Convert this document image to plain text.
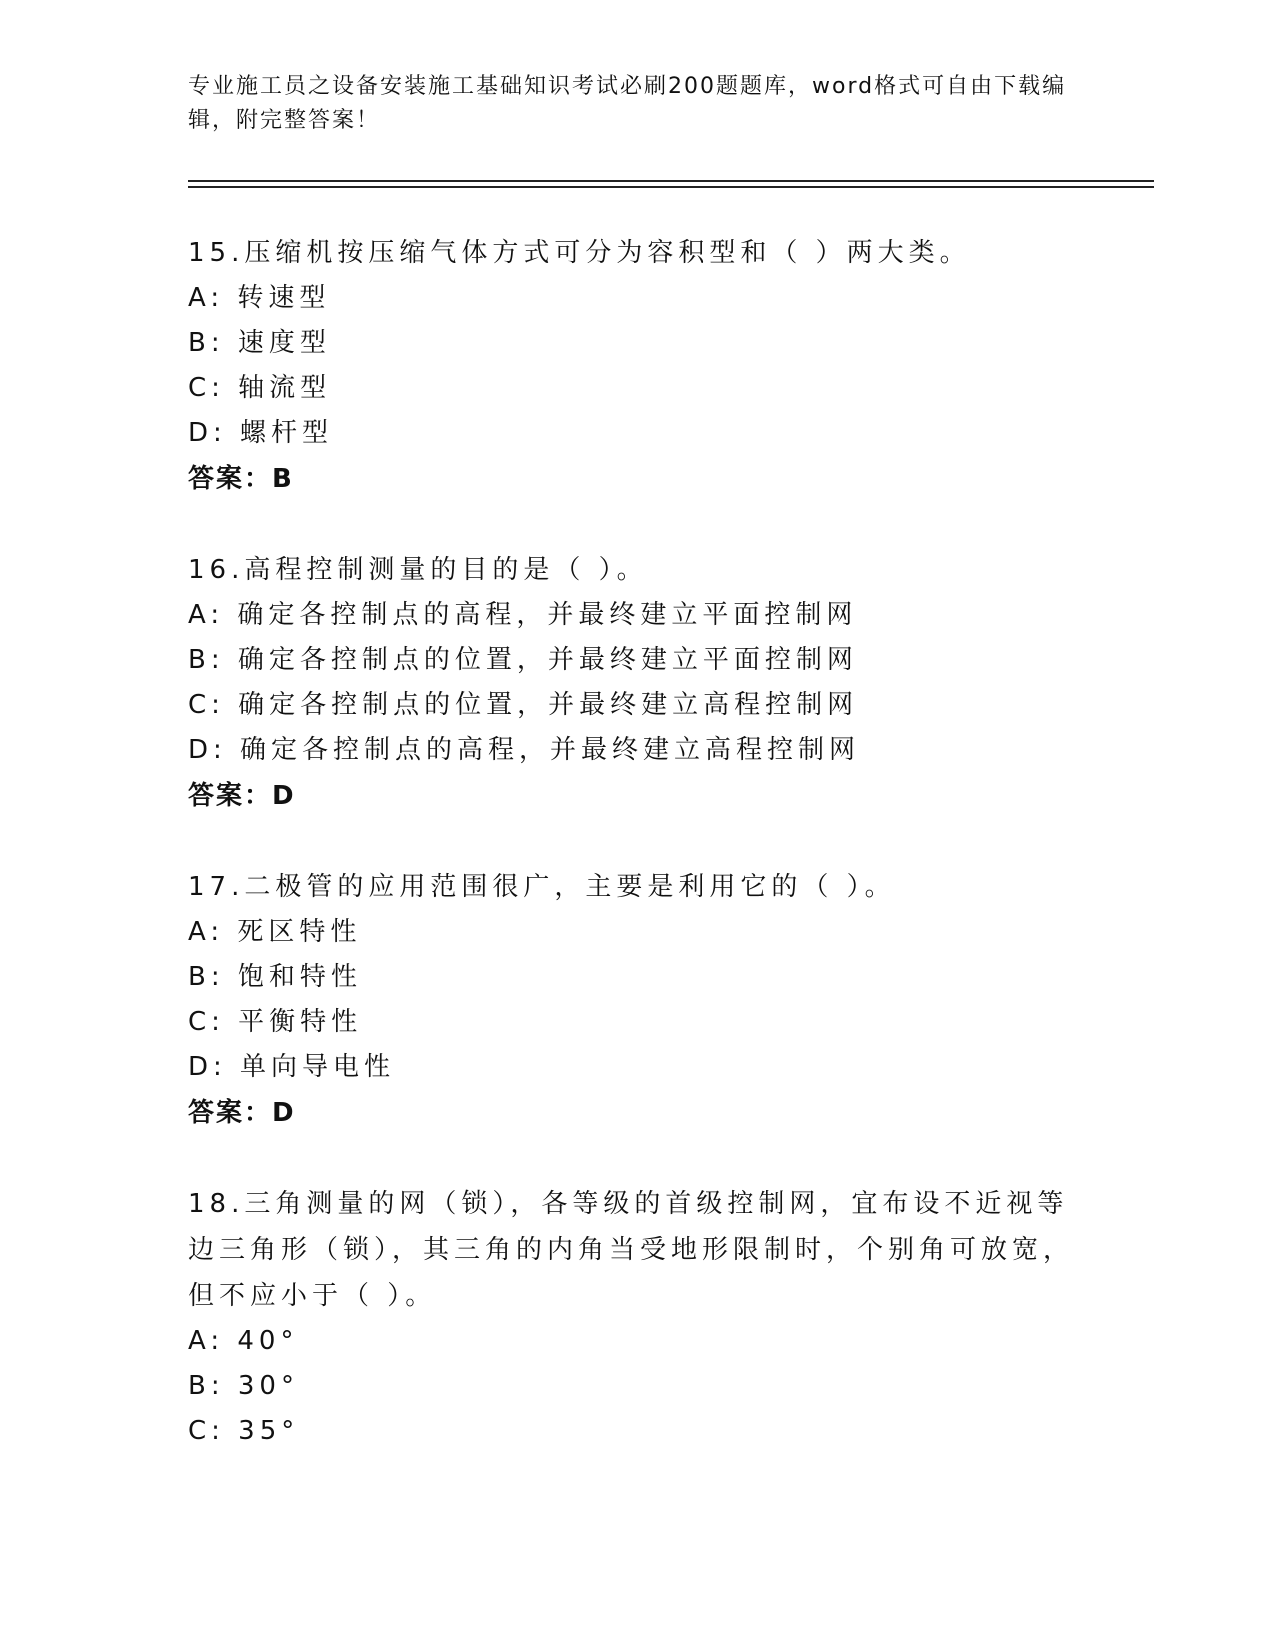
专业施工员之设备安装施工基础知识考试必刷200题题库，word格式可自由下载编辑，附完整答案！
15.压缩机按压缩气体方式可分为容积型和（ ）两大类。
A: 转速型
B: 速度型
C: 轴流型
D: 螺杆型
答案：B
16.高程控制测量的目的是（ ）。
A: 确定各控制点的高程，并最终建立平面控制网
B: 确定各控制点的位置，并最终建立平面控制网
C: 确定各控制点的位置，并最终建立高程控制网
D: 确定各控制点的高程，并最终建立高程控制网
答案：D
17.二极管的应用范围很广，主要是利用它的（ ）。
A: 死区特性
B: 饱和特性
C: 平衡特性
D: 单向导电性
答案：D
18.三角测量的网（锁），各等级的首级控制网，宜布设不近视等边三角形（锁），其三角的内角当受地形限制时，个别角可放宽，但不应小于（ ）。
A: 40°
B: 30°
C: 35°
